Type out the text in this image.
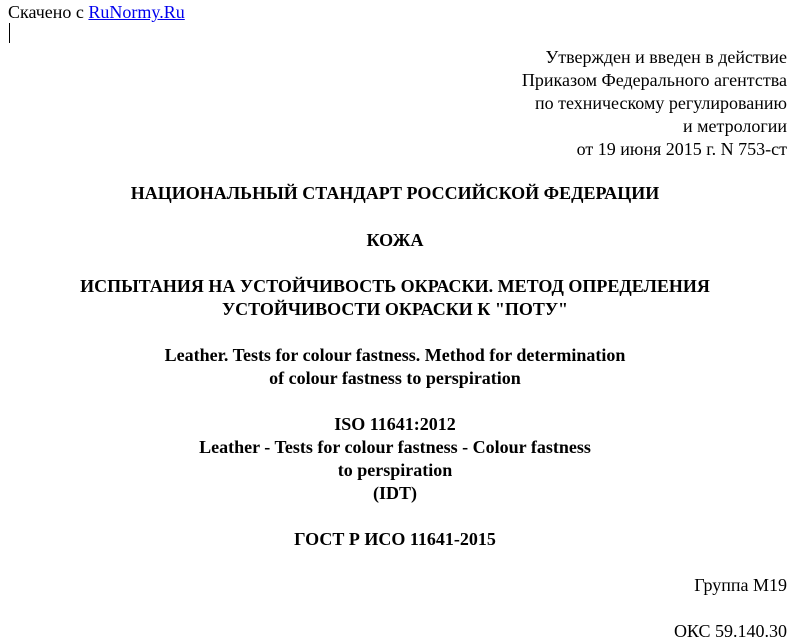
Скачено с RuNormy.Ru
Утвержден и введен в действие
Приказом Федерального агентства
по техническому регулированию
и метрологии
от 19 июня 2015 г. N 753-ст
НАЦИОНАЛЬНЫЙ СТАНДАРТ РОССИЙСКОЙ ФЕДЕРАЦИИ
КОЖА
ИСПЫТАНИЯ НА УСТОЙЧИВОСТЬ ОКРАСКИ. МЕТОД ОПРЕДЕЛЕНИЯ
УСТОЙЧИВОСТИ ОКРАСКИ К "ПОТУ"
Leather. Tests for colour fastness. Method for determination
of colour fastness to perspiration
ISO 11641:2012
Leather - Tests for colour fastness - Colour fastness
to perspiration
(IDT)
ГОСТ Р ИСО 11641-2015
Группа М19
ОКС 59.140.30
